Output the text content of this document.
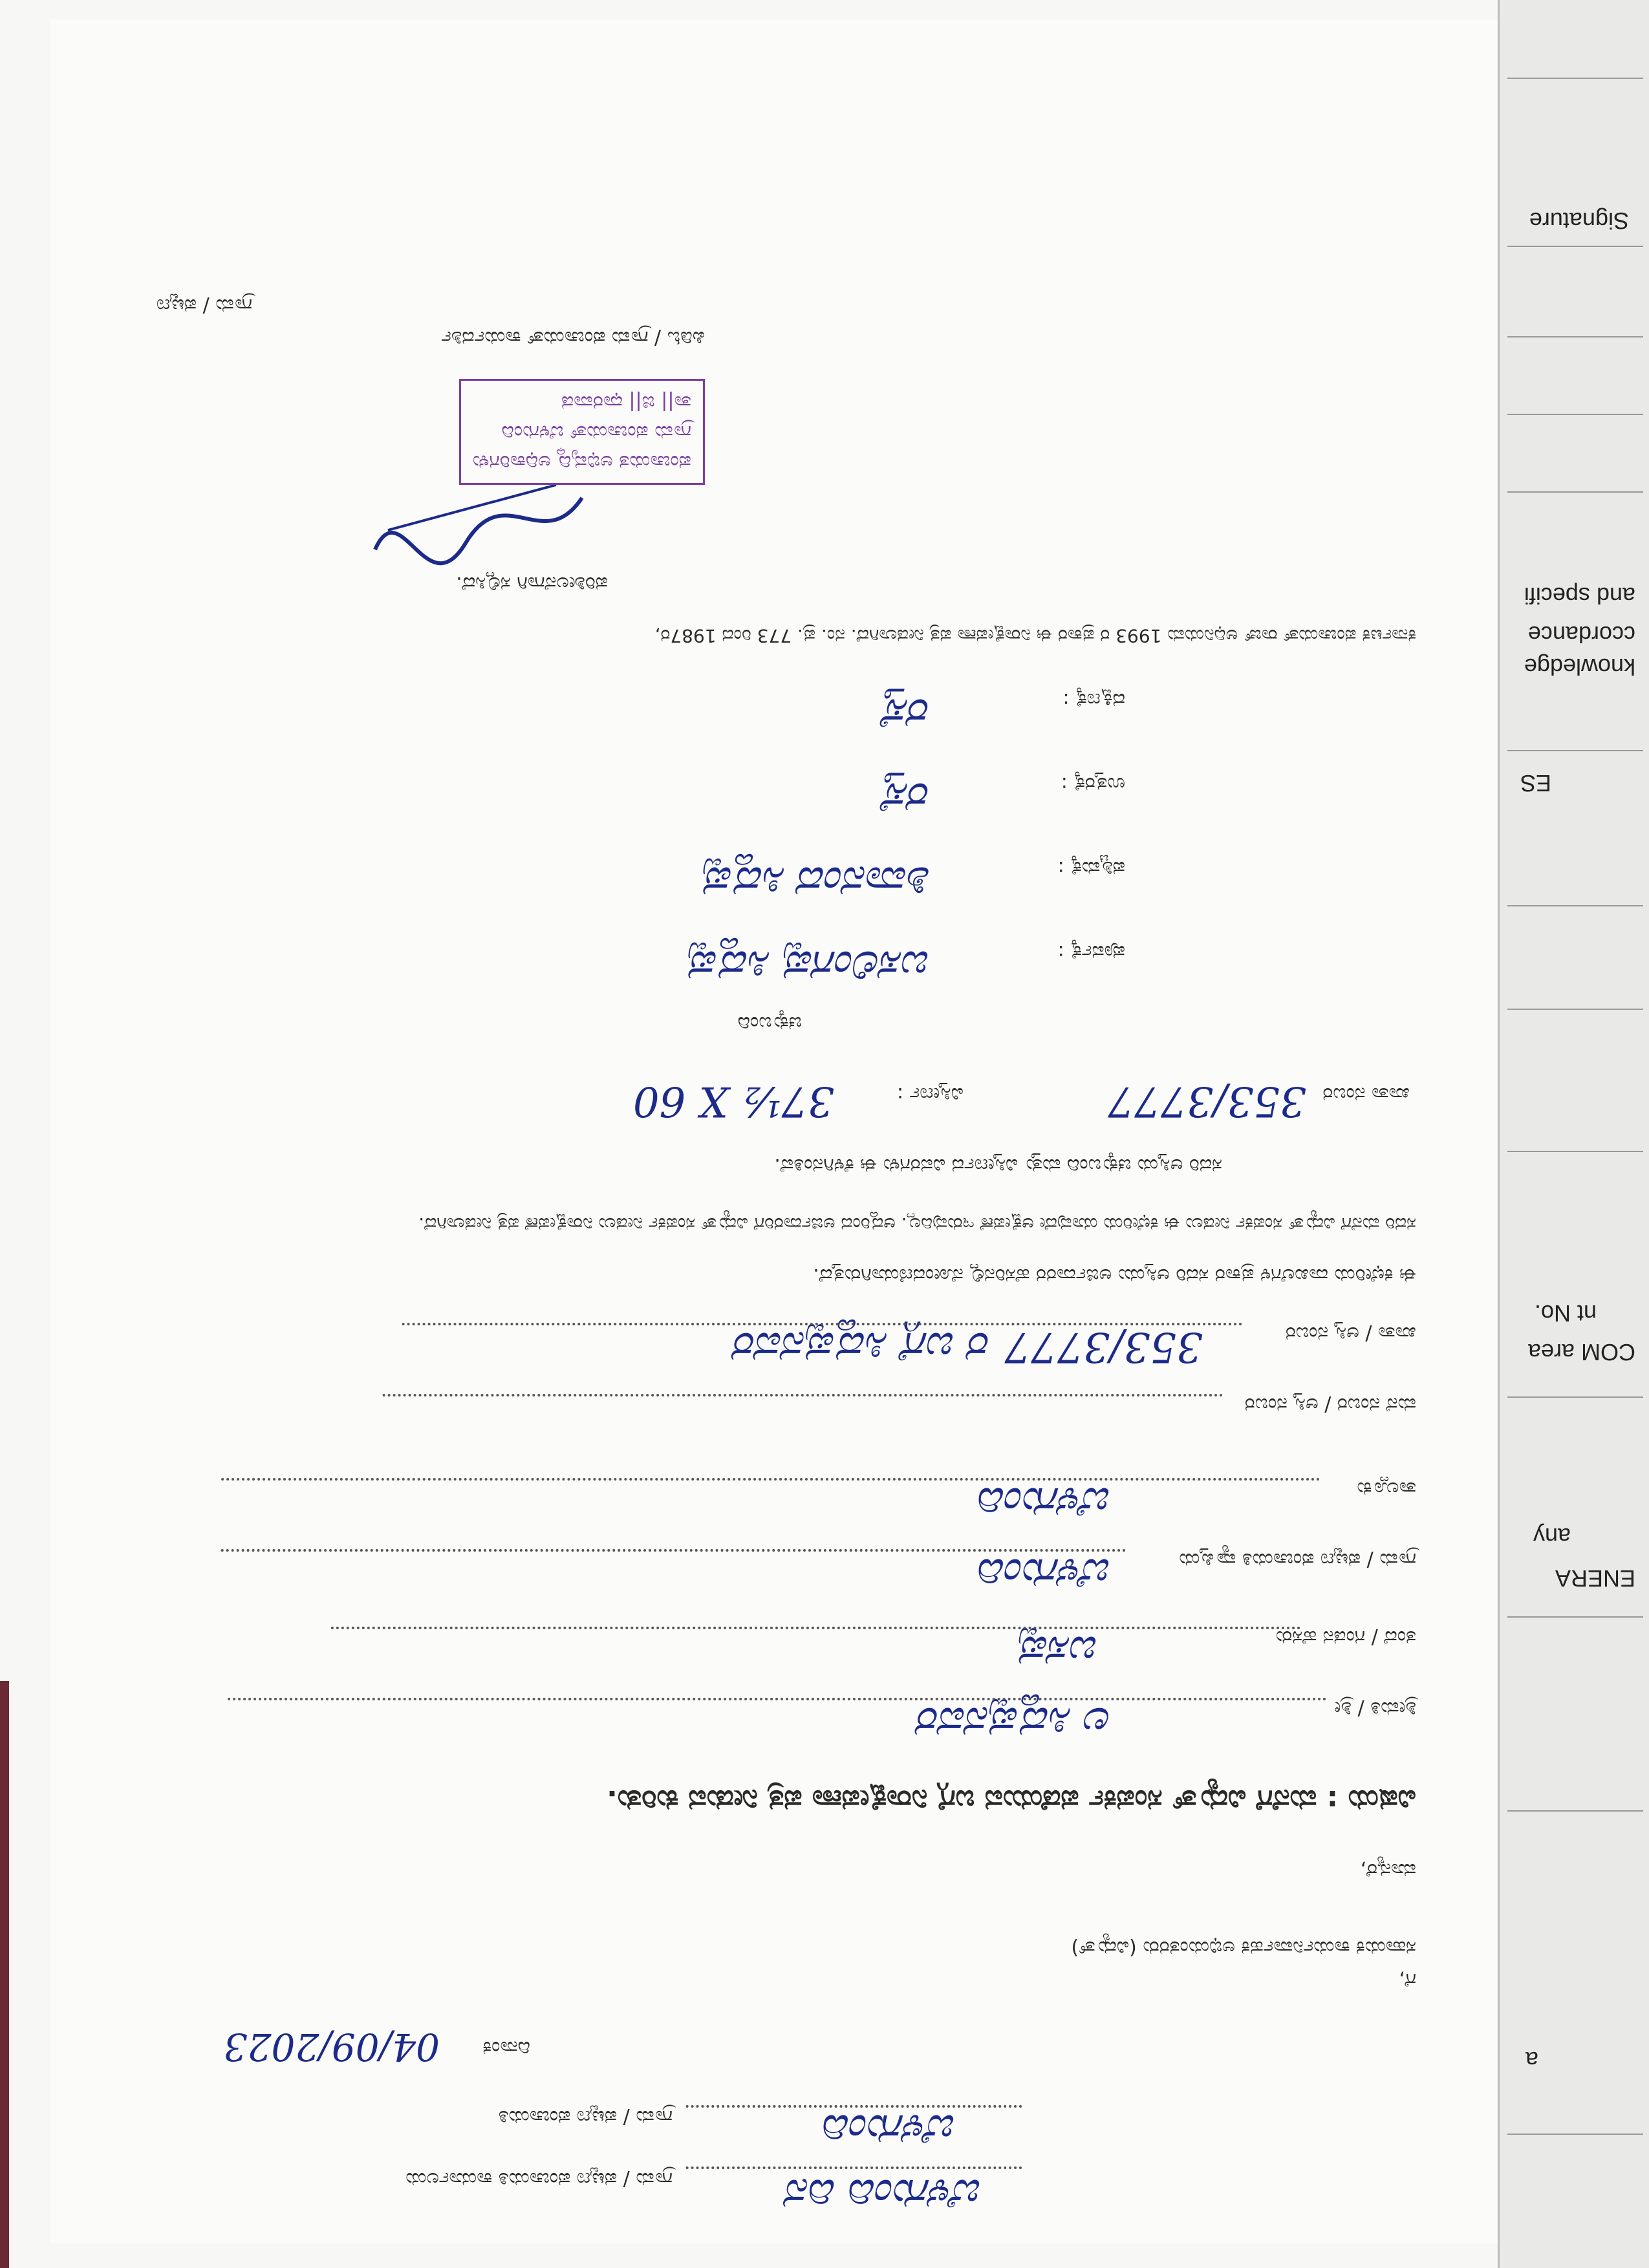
ಬೆಳಗುಂದಿ ದಿನ
ಗ್ರಾಮ / ಪಟ್ಟಣ ಪಂಚಾಯತಿ ಕಾರ್ಯಾಲಯ
ಬೆಳಗುಂದಿ
ಗ್ರಾಮ / ಪಟ್ಟಣ ಪಂಚಾಯತಿ
04/09/2023 ದಿನಾಂಕ
ಗೆ,
ಸಹಾಯಕ ಕಾರ್ಯನಿರ್ವಾಹಕ ಅಭಿಯಂತರರು (ವಿದ್ಯುತ್)
ಮಾನ್ಯರೆ,
ವಿಷಯ : ಮನೆಗೆ ವಿದ್ಯುತ್ ಸಂಪರ್ಕ ಪಡೆಯುವ ಬಗ್ಗೆ ನಿರಾಕ್ಷೇಪಣಾ ಪತ್ರ ನೀಡುವ ಕುರಿತು.
ಶ್ರೀಮತಿ / ಶ್ರೀ
ಲ ಸಿದ್ದಪ್ಪನವರ
ತಂದೆ / ಗಂಡನ ಹೆಸರು
ಬಸಪ್ಪ
ಗ್ರಾಮ / ಪಟ್ಟಣ ಪಂಚಾಯತಿ ವ್ಯಾಪ್ತಿಯ
ಬೆಳಗುಂದಿ
ತಾಲ್ಲೂಕು
ಬೆಳಗುಂದಿ
ಮನೆ ನಂಬರ / ಆಸ್ತಿ ನಂಬರ
ಖಾತಾ / ಆಸ್ತಿ ನಂಬರ
353/3777 ರ ಬಗ್ಗೆ ಸಿದ್ದಪ್ಪನವರ
ಈ ಕಛೇರಿಯ ದಾಖಲೆಗಳ ಪ್ರಕಾರ ಸದರಿ ಆಸ್ತಿಯು ಅರ್ಜಿದಾರರ ಹೆಸರಿನಲ್ಲಿ ನೋಂದಣಿಯಾಗಿರುತ್ತದೆ.
ಸದರಿ ಮನೆಗೆ ವಿದ್ಯುತ್ ಸಂಪರ್ಕ ನೀಡಲು ಈ ಕಛೇರಿಯ ಯಾವುದೇ ಆಕ್ಷೇಪಣೆ ಇರುವುದಿಲ್ಲ. ಆದ್ದರಿಂದ ಅರ್ಜಿದಾರರಿಗೆ ವಿದ್ಯುತ್ ಸಂಪರ್ಕ ನೀಡಲು ನಿರಾಕ್ಷೇಪಣೆ ಪತ್ರ ನೀಡಲಾಗಿದೆ.
ಸದರಿ ಆಸ್ತಿಯ ಚಕ್ಕುಬಂದಿ ಮತ್ತು ವಿಸ್ತೀರ್ಣದ ವಿವರಗಳು ಈ ಕೆಳಗಿನಂತಿವೆ.
ಖಾತಾ ನಂಬರ
353/3777
ವಿಸ್ತೀರ್ಣ :
37½ X 60
ಚಕ್ಕುಬಂದಿ
ಪೂರ್ವಕ್ಕೆ :
ಬಸಲಿಂಗಪ್ಪ ಸಿದ್ದಪ್ಪ
ಪಶ್ಚಿಮಕ್ಕೆ :
ಶಿವಾನಂದ ಸಿದ್ದಪ್ಪ
ಉತ್ತರಕ್ಕೆ :
ರಸ್ತೆ
ದಕ್ಷಿಣಕ್ಕೆ :
ರಸ್ತೆ
ಕರ್ನಾಟಕ ಪಂಚಾಯತ್ ರಾಜ್ ಅಧಿನಿಯಮ 1993 ರ ಪ್ರಕಾರ ಈ ನಿರಾಕ್ಷೇಪಣಾ ಪತ್ರ ನೀಡಲಾಗಿದೆ. ನಂ. ಪ್ರ. 773 ರಿಂದ 1987ರ,
ಪರಿಶೀಲನೆಗಾಗಿ ಸಲ್ಲಿಸಿದೆ.
ಪಂಚಾಯತ ಅಭಿವೃದ್ಧಿ ಅಧಿಕಾರಿಗಳು
ಗ್ರಾಮ ಪಂಚಾಯತ್ ಬೆಳಗುಂದಿ
ತಾ|| ಜಿ|| ಧಾರವಾಡ
ಪಿಡಿಓ / ಗ್ರಾಮ ಪಂಚಾಯತ್ ಕಾರ್ಯದರ್ಶಿ
ಗ್ರಾಮ / ಪಟ್ಟಣ
Signature
knowledge
ccordance
and specifi
ES
nt No.
COM area
any
ENERA
a
